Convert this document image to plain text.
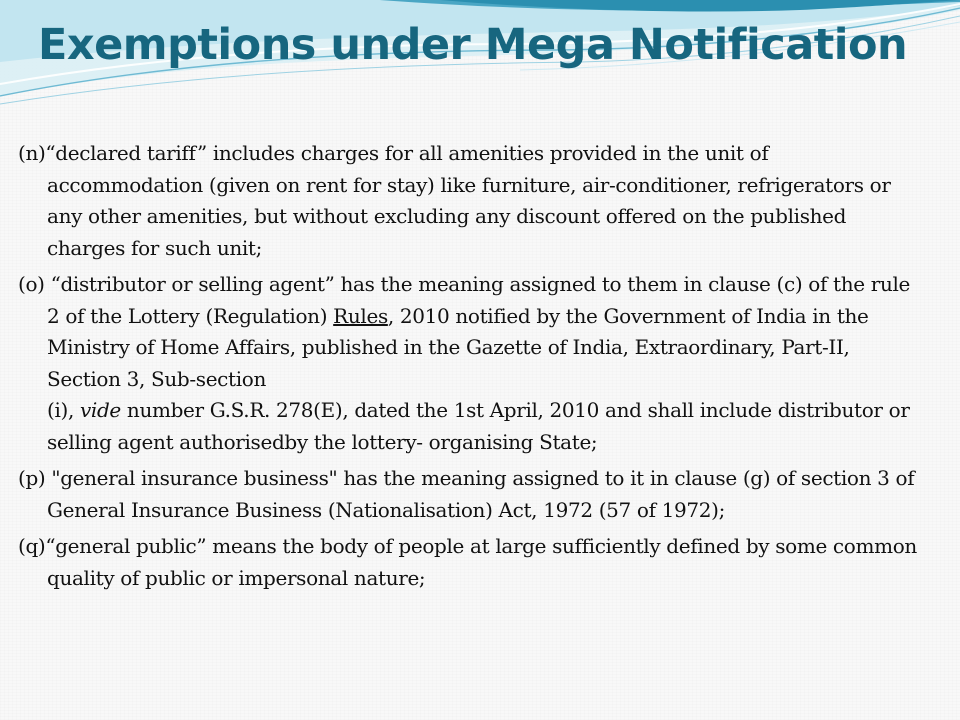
Exemptions under Mega Notification

(n)“declared tariff” includes charges for all amenities provided in the unit of accommodation (given on rent for stay) like furniture, air-conditioner, refrigerators or any other amenities, but without excluding any discount offered on the published charges for such unit;

(o) “distributor or selling agent” has the meaning assigned to them in clause (c) of the rule 2 of the Lottery (Regulation) Rules, 2010 notified by the Government of India in the Ministry of Home Affairs, published in the Gazette of India, Extraordinary, Part-II, Section 3, Sub-section
(i), vide number G.S.R. 278(E), dated the 1st April, 2010 and shall include distributor or selling agent authorisedby the lottery- organising State;

(p) "general insurance business" has the meaning assigned to it in clause (g) of section 3 of General Insurance Business (Nationalisation) Act, 1972 (57 of 1972);

(q)“general public” means the body of people at large sufficiently defined by some common quality of public or impersonal nature;
